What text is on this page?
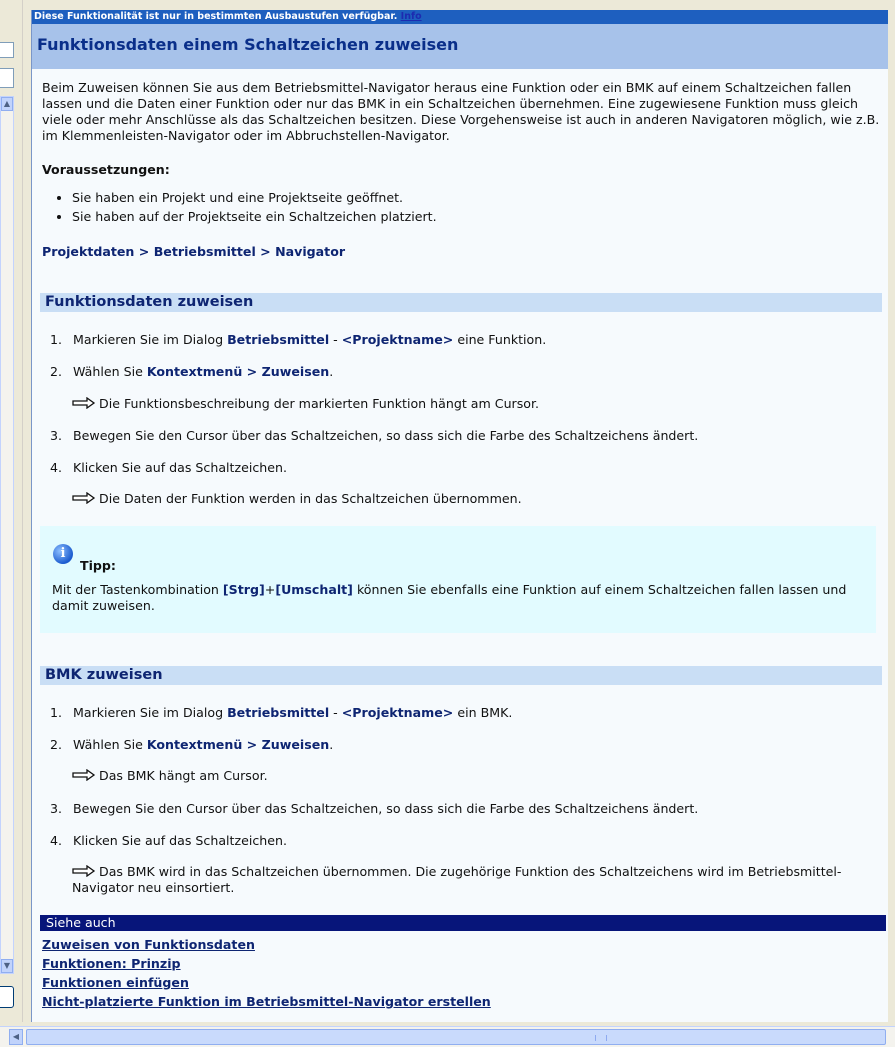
▲
▼
Diese Funktionalität ist nur in bestimmten Ausbaustufen verfügbar. Info
Funktionsdaten einem Schaltzeichen zuweisen
Beim Zuweisen können Sie aus dem Betriebsmittel-Navigator heraus eine Funktion oder ein BMK auf einem Schaltzeichen fallen lassen und die Daten einer Funktion oder nur das BMK in ein Schaltzeichen übernehmen. Eine zugewiesene Funktion muss gleich viele oder mehr Anschlüsse als das Schaltzeichen besitzen. Diese Vorgehensweise ist auch in anderen Navigatoren möglich, wie z.B. im Klemmenleisten-Navigator oder im Abbruchstellen-Navigator.
Voraussetzungen:
• Sie haben ein Projekt und eine Projektseite geöffnet.
• Sie haben auf der Projektseite ein Schaltzeichen platziert.
Projektdaten > Betriebsmittel > Navigator
Funktionsdaten zuweisen
1. Markieren Sie im Dialog Betriebsmittel - <Projektname> eine Funktion.
2. Wählen Sie Kontextmenü > Zuweisen.
Die Funktionsbeschreibung der markierten Funktion hängt am Cursor.
3. Bewegen Sie den Cursor über das Schaltzeichen, so dass sich die Farbe des Schaltzeichens ändert.
4. Klicken Sie auf das Schaltzeichen.
Die Daten der Funktion werden in das Schaltzeichen übernommen.
i
Tipp:
Mit der Tastenkombination [Strg]+[Umschalt] können Sie ebenfalls eine Funktion auf einem Schaltzeichen fallen lassen und damit zuweisen.
BMK zuweisen
1. Markieren Sie im Dialog Betriebsmittel - <Projektname> ein BMK.
2. Wählen Sie Kontextmenü > Zuweisen.
Das BMK hängt am Cursor.
3. Bewegen Sie den Cursor über das Schaltzeichen, so dass sich die Farbe des Schaltzeichens ändert.
4. Klicken Sie auf das Schaltzeichen.
Das BMK wird in das Schaltzeichen übernommen. Die zugehörige Funktion des Schaltzeichens wird im Betriebsmittel-Navigator neu einsortiert.
Siehe auch
Zuweisen von Funktionsdaten
Funktionen: Prinzip
Funktionen einfügen
Nicht-platzierte Funktion im Betriebsmittel-Navigator erstellen
◀
